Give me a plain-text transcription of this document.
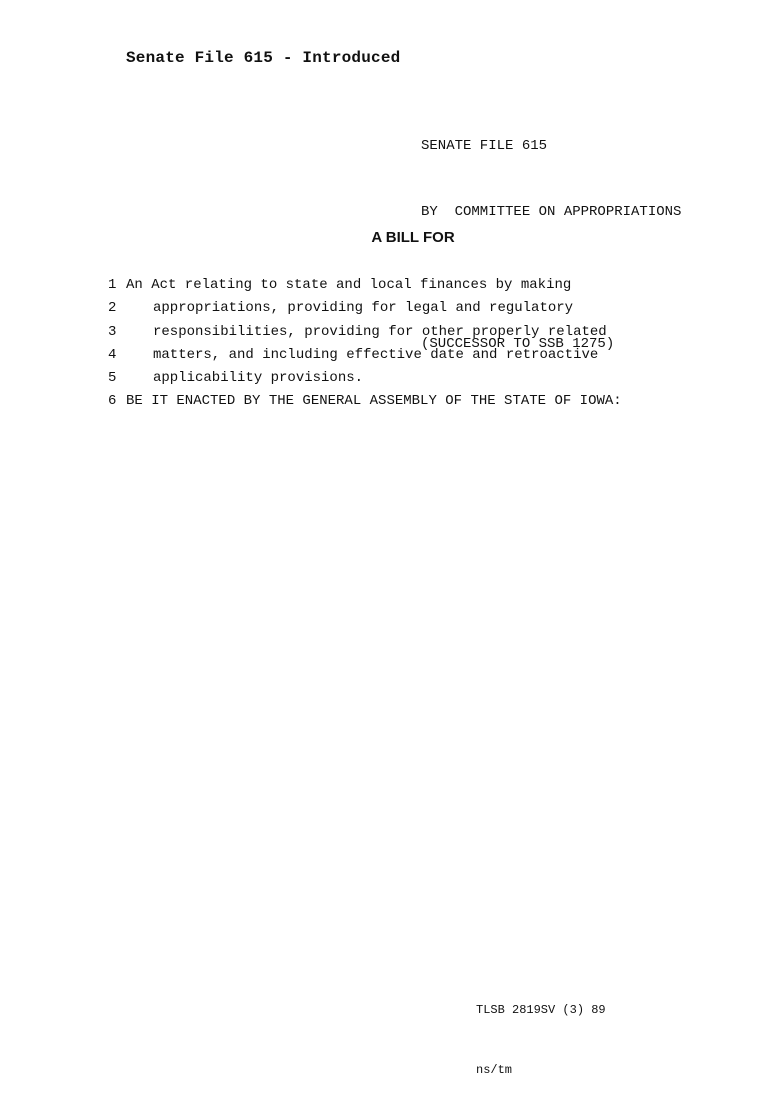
Senate File 615 - Introduced

SENATE FILE 615

BY  COMMITTEE ON APPROPRIATIONS

(SUCCESSOR TO SSB 1275)

A BILL FOR
1 An Act relating to state and local finances by making
2	appropriations, providing for legal and regulatory
3	responsibilities, providing for other properly related
4	matters, and including effective date and retroactive
5	applicability provisions.
6 BE IT ENACTED BY THE GENERAL ASSEMBLY OF THE STATE OF IOWA:

TLSB 2819SV (3) 89

ns/tm
